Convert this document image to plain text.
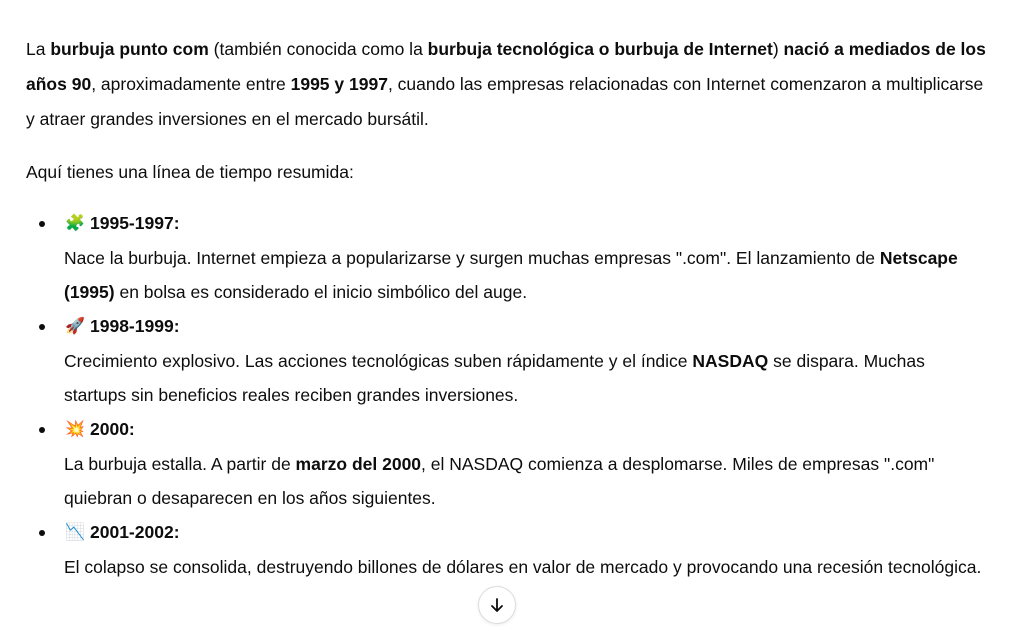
La burbuja punto com (también conocida como la burbuja tecnológica o burbuja de Internet) nació a mediados de los años 90, aproximadamente entre 1995 y 1997, cuando las empresas relacionadas con Internet comenzaron a multiplicarse y atraer grandes inversiones en el mercado bursátil.

Aquí tienes una línea de tiempo resumida:

🧩 1995-1997:
Nace la burbuja. Internet empieza a popularizarse y surgen muchas empresas ".com". El lanzamiento de Netscape (1995) en bolsa es considerado el inicio simbólico del auge.
🚀 1998-1999:
Crecimiento explosivo. Las acciones tecnológicas suben rápidamente y el índice NASDAQ se dispara. Muchas startups sin beneficios reales reciben grandes inversiones.
💥 2000:
La burbuja estalla. A partir de marzo del 2000, el NASDAQ comienza a desplomarse. Miles de empresas ".com" quiebran o desaparecen en los años siguientes.
📉 2001-2002:
El colapso se consolida, destruyendo billones de dólares en valor de mercado y provocando una recesión tecnológica.
